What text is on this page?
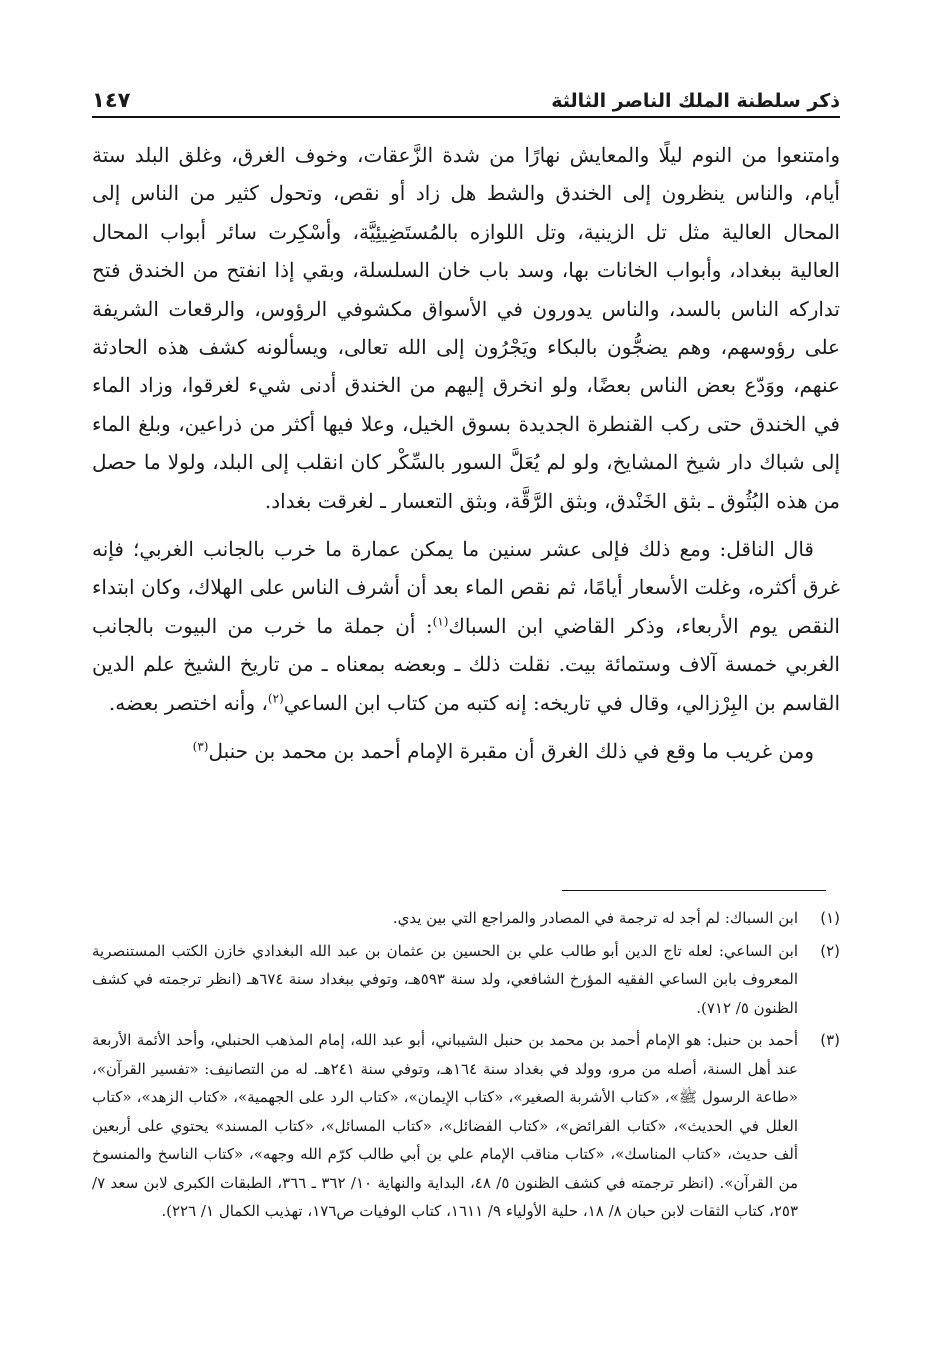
ذكر سلطنة الملك الناصر الثالثة
١٤٧

وامتنعوا من النوم ليلًا والمعايش نهارًا من شدة الزَّعقات، وخوف الغرق، وغلق البلد ستة أيام، والناس ينظرون إلى الخندق والشط هل زاد أو نقص، وتحول كثير من الناس إلى المحال العالية مثل تل الزينية، وتل اللوازه بالمُستَضِيئِيَّة، وأسْكِرت سائر أبواب المحال العالية ببغداد، وأبواب الخانات بها، وسد باب خان السلسلة، وبقي إذا انفتح من الخندق فتح تداركه الناس بالسد، والناس يدورون في الأسواق مكشوفي الرؤوس، والرقعات الشريفة على رؤوسهم، وهم يضجُّون بالبكاء ويَجْرُون إلى الله تعالى، ويسألونه كشف هذه الحادثة عنهم، ووَدّع بعض الناس بعضًا، ولو انخرق إليهم من الخندق أدنى شيء لغرقوا، وزاد الماء في الخندق حتى ركب القنطرة الجديدة بسوق الخيل، وعلا فيها أكثر من ذراعين، وبلغ الماء إلى شباك دار شيخ المشايخ، ولو لم يُعَلَّ السور بالسِّكْر كان انقلب إلى البلد، ولولا ما حصل من هذه البُثُوق ـ بثق الخَنْدق، وبثق الرَّقَّة، وبثق التعسار ـ لغرقت بغداد.

قال الناقل: ومع ذلك فإلى عشر سنين ما يمكن عمارة ما خرب بالجانب الغربي؛ فإنه غرق أكثره، وغلت الأسعار أيامًا، ثم نقص الماء بعد أن أشرف الناس على الهلاك، وكان ابتداء النقص يوم الأربعاء، وذكر القاضي ابن السباك$^{(١)}$: أن جملة ما خرب من البيوت بالجانب الغربي خمسة آلاف وستمائة بيت. نقلت ذلك ـ وبعضه بمعناه ـ من تاريخ الشيخ علم الدين القاسم بن البِرْزالي، وقال في تاريخه: إنه كتبه من كتاب ابن الساعي$^{(٢)}$، وأنه اختصر بعضه.

ومن غريب ما وقع في ذلك الغرق أن مقبرة الإمام أحمد بن محمد بن حنبل$^{(٣)}$

(١)
ابن السباك: لم أجد له ترجمة في المصادر والمراجع التي بين يدي.
(٢)
ابن الساعي: لعله تاج الدين أبو طالب علي بن الحسين بن عثمان بن عبد الله البغدادي خازن الكتب المستنصرية المعروف بابن الساعي الفقيه المؤرخ الشافعي، ولد سنة ٥٩٣هـ، وتوفي ببغداد سنة ٦٧٤هـ (انظر ترجمته في كشف الظنون ٥/ ٧١٢).
(٣)
أحمد بن حنبل: هو الإمام أحمد بن محمد بن حنبل الشيباني، أبو عبد الله، إمام المذهب الحنبلي، وأحد الأئمة الأربعة عند أهل السنة، أصله من مرو، وولد في بغداد سنة ١٦٤هـ، وتوفي سنة ٢٤١هـ. له من التصانيف: «تفسير القرآن»، «طاعة الرسول ﷺ»، «كتاب الأشربة الصغير»، «كتاب الإيمان»، «كتاب الرد على الجهمية»، «كتاب الزهد»، «كتاب العلل في الحديث»، «كتاب الفرائض»، «كتاب الفضائل»، «كتاب المسائل»، «كتاب المسند» يحتوي على أربعين ألف حديث، «كتاب المناسك»، «كتاب مناقب الإمام علي بن أبي طالب كرّم الله وجهه»، «كتاب الناسخ والمنسوخ من القرآن». (انظر ترجمته في كشف الظنون ٥/ ٤٨، البداية والنهاية ١٠/ ٣٦٢ ـ ٣٦٦، الطبقات الكبرى لابن سعد ٧/ ٢٥٣، كتاب الثقات لابن حبان ٨/ ١٨، حلية الأولياء ٩/ ١٦١١، كتاب الوفيات ص١٧٦، تهذيب الكمال ١/ ٢٢٦).
